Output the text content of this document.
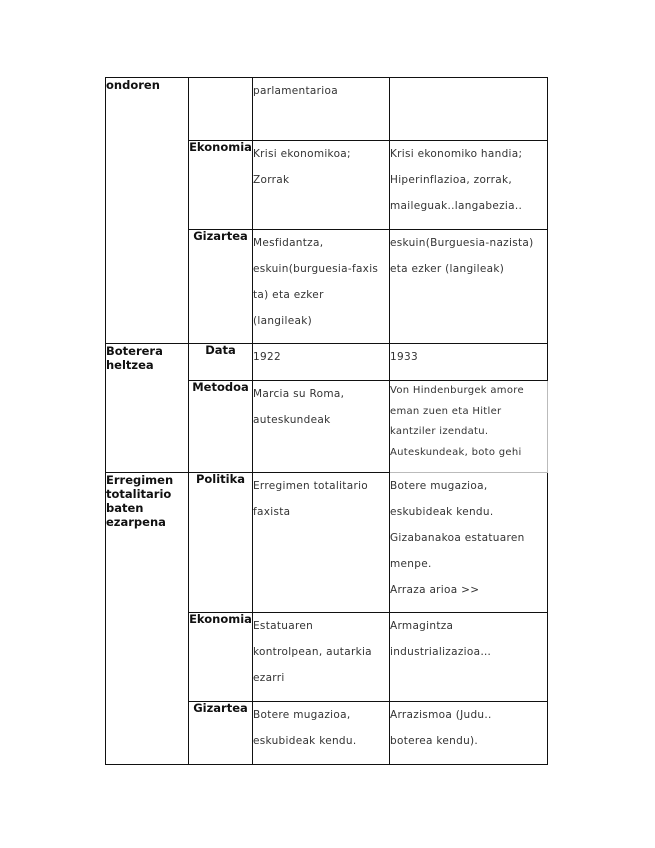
ondoren		parlamentarioa	

	Ekonomia	Krisi ekonomikoa;
Zorrak	Krisi ekonomiko handia;
Hiperinflazioa, zorrak,
maileguak..langabezia..

	Gizartea	Mesfidantza,
eskuin(burguesia-faxis
ta) eta ezker
(langileak)	eskuin(Burguesia-nazista)
eta ezker (langileak)

Boterera heltzea	Data	1922	1933

	Metodoa	Marcia su Roma,
auteskundeak	Von Hindenburgek amore
eman zuen eta Hitler
kantziler izendatu.
Auteskundeak, boto gehi

Erregimen totalitario baten ezarpena	Politika	Erregimen totalitario
faxista	Botere mugazioa,
eskubideak kendu.
Gizabanakoa estatuaren
menpe.
Arraza arioa >>

	Ekonomia	Estatuaren
kontrolpean, autarkia
ezarri	Armagintza
industrializazioa…

	Gizartea	Botere mugazioa,
eskubideak kendu.	Arrazismoa (Judu..
boterea kendu).
